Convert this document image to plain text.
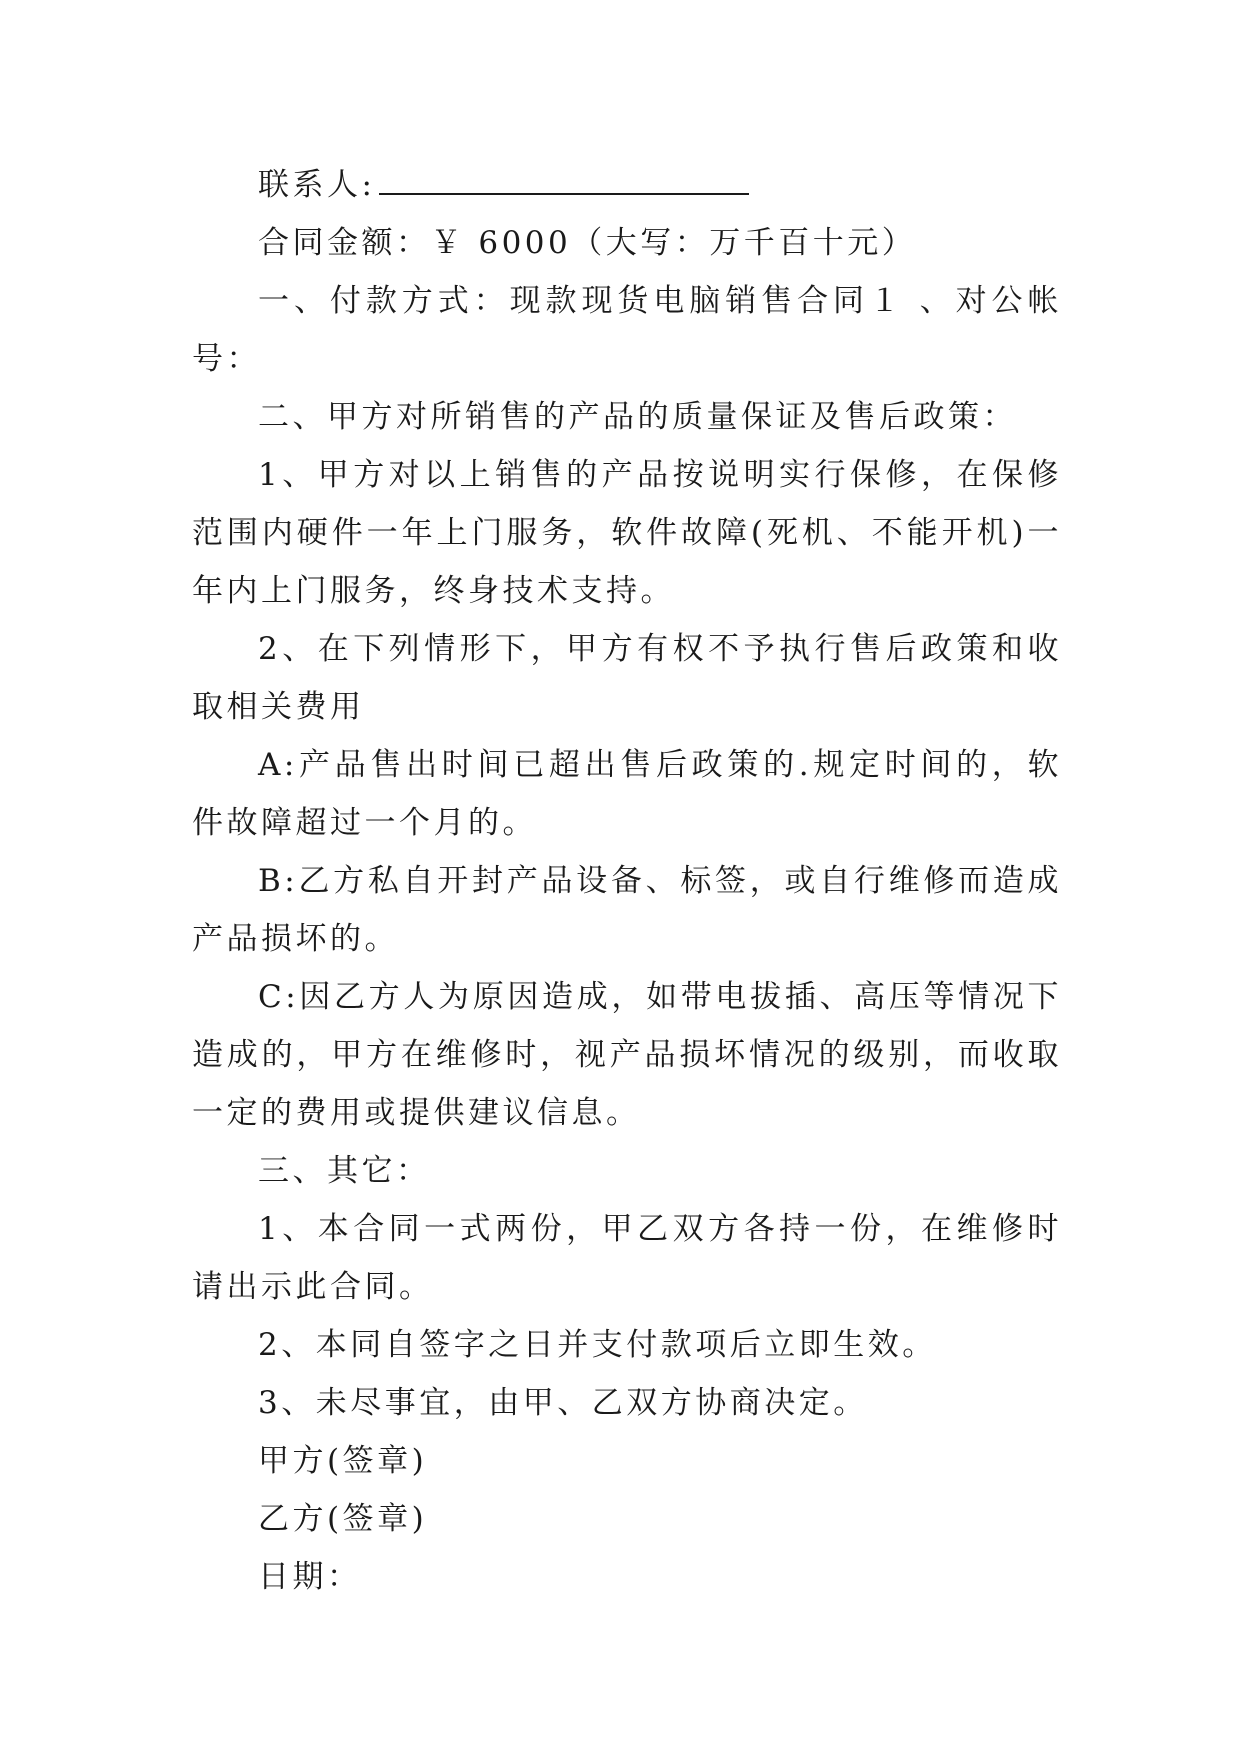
联系人:

合同金额：￥ 6000（大写：万千百十元）

一、付款方式：现款现货电脑销售合同１ 、对公帐号：

二、甲方对所销售的产品的质量保证及售后政策：

1、甲方对以上销售的产品按说明实行保修，在保修范围内硬件一年上门服务，软件故障(死机、不能开机)一年内上门服务，终身技术支持。

2、在下列情形下，甲方有权不予执行售后政策和收取相关费用

A:产品售出时间已超出售后政策的.规定时间的，软件故障超过一个月的。

B:乙方私自开封产品设备、标签，或自行维修而造成产品损坏的。

C:因乙方人为原因造成，如带电拔插、高压等情况下造成的，甲方在维修时，视产品损坏情况的级别，而收取一定的费用或提供建议信息。

三、其它：

1、本合同一式两份，甲乙双方各持一份，在维修时请出示此合同。

2、本同自签字之日并支付款项后立即生效。

3、未尽事宜，由甲、乙双方协商决定。

甲方(签章)

乙方(签章)

日期：
